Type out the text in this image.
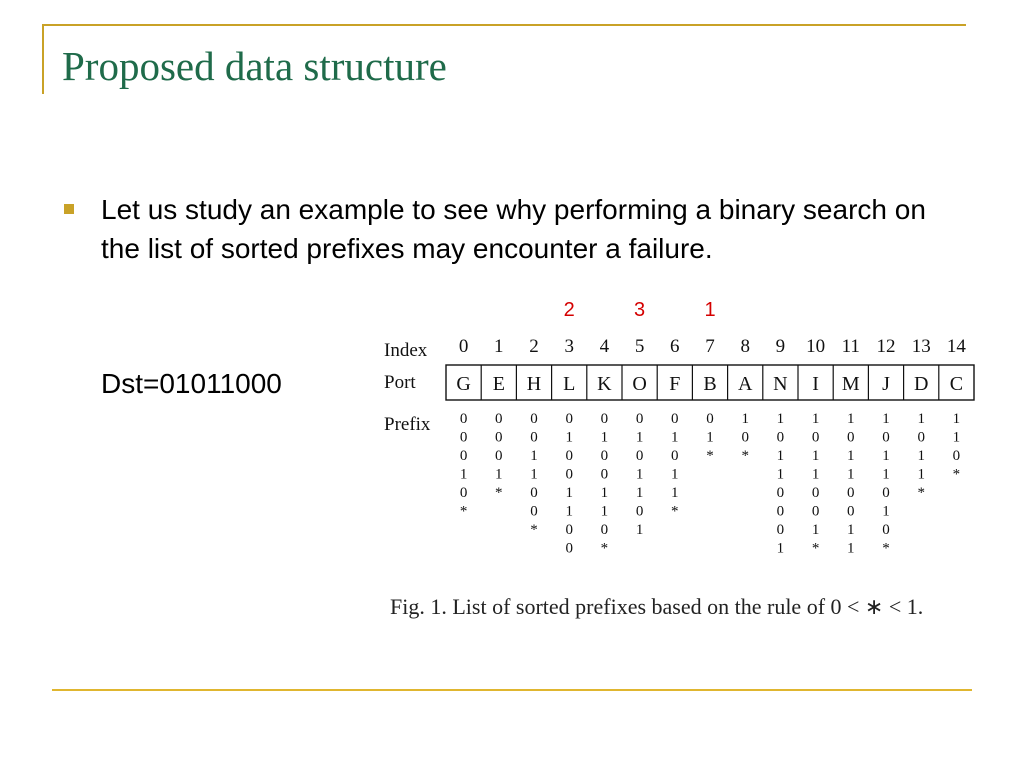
Proposed data structure
Let us study an example to see why performing a binary search on the list of sorted prefixes may encounter a failure.
Dst=01011000
2	3	1
Index
Port
Prefix
0 1 2 3 4 5 6 7 8 9 10 11 12 13 14
G E H L K O F B A N I M J D C
0
0
0
1
0
*
0
0
0
1
*
0
0
1
1
0
0
*
0
1
0
0
1
1
0
0
0
1
0
0
1
1
0
*
0
1
0
1
1
0
1
0
1
0
1
1
*
0
1
*
1
0
*
1
0
1
1
0
0
0
1
1
0
1
1
0
0
1
*
1
0
1
1
0
0
1
1
1
0
1
1
0
1
0
*
1
0
1
1
*
1
1
0
*
Fig. 1. List of sorted prefixes based on the rule of 0 < ∗ < 1.
